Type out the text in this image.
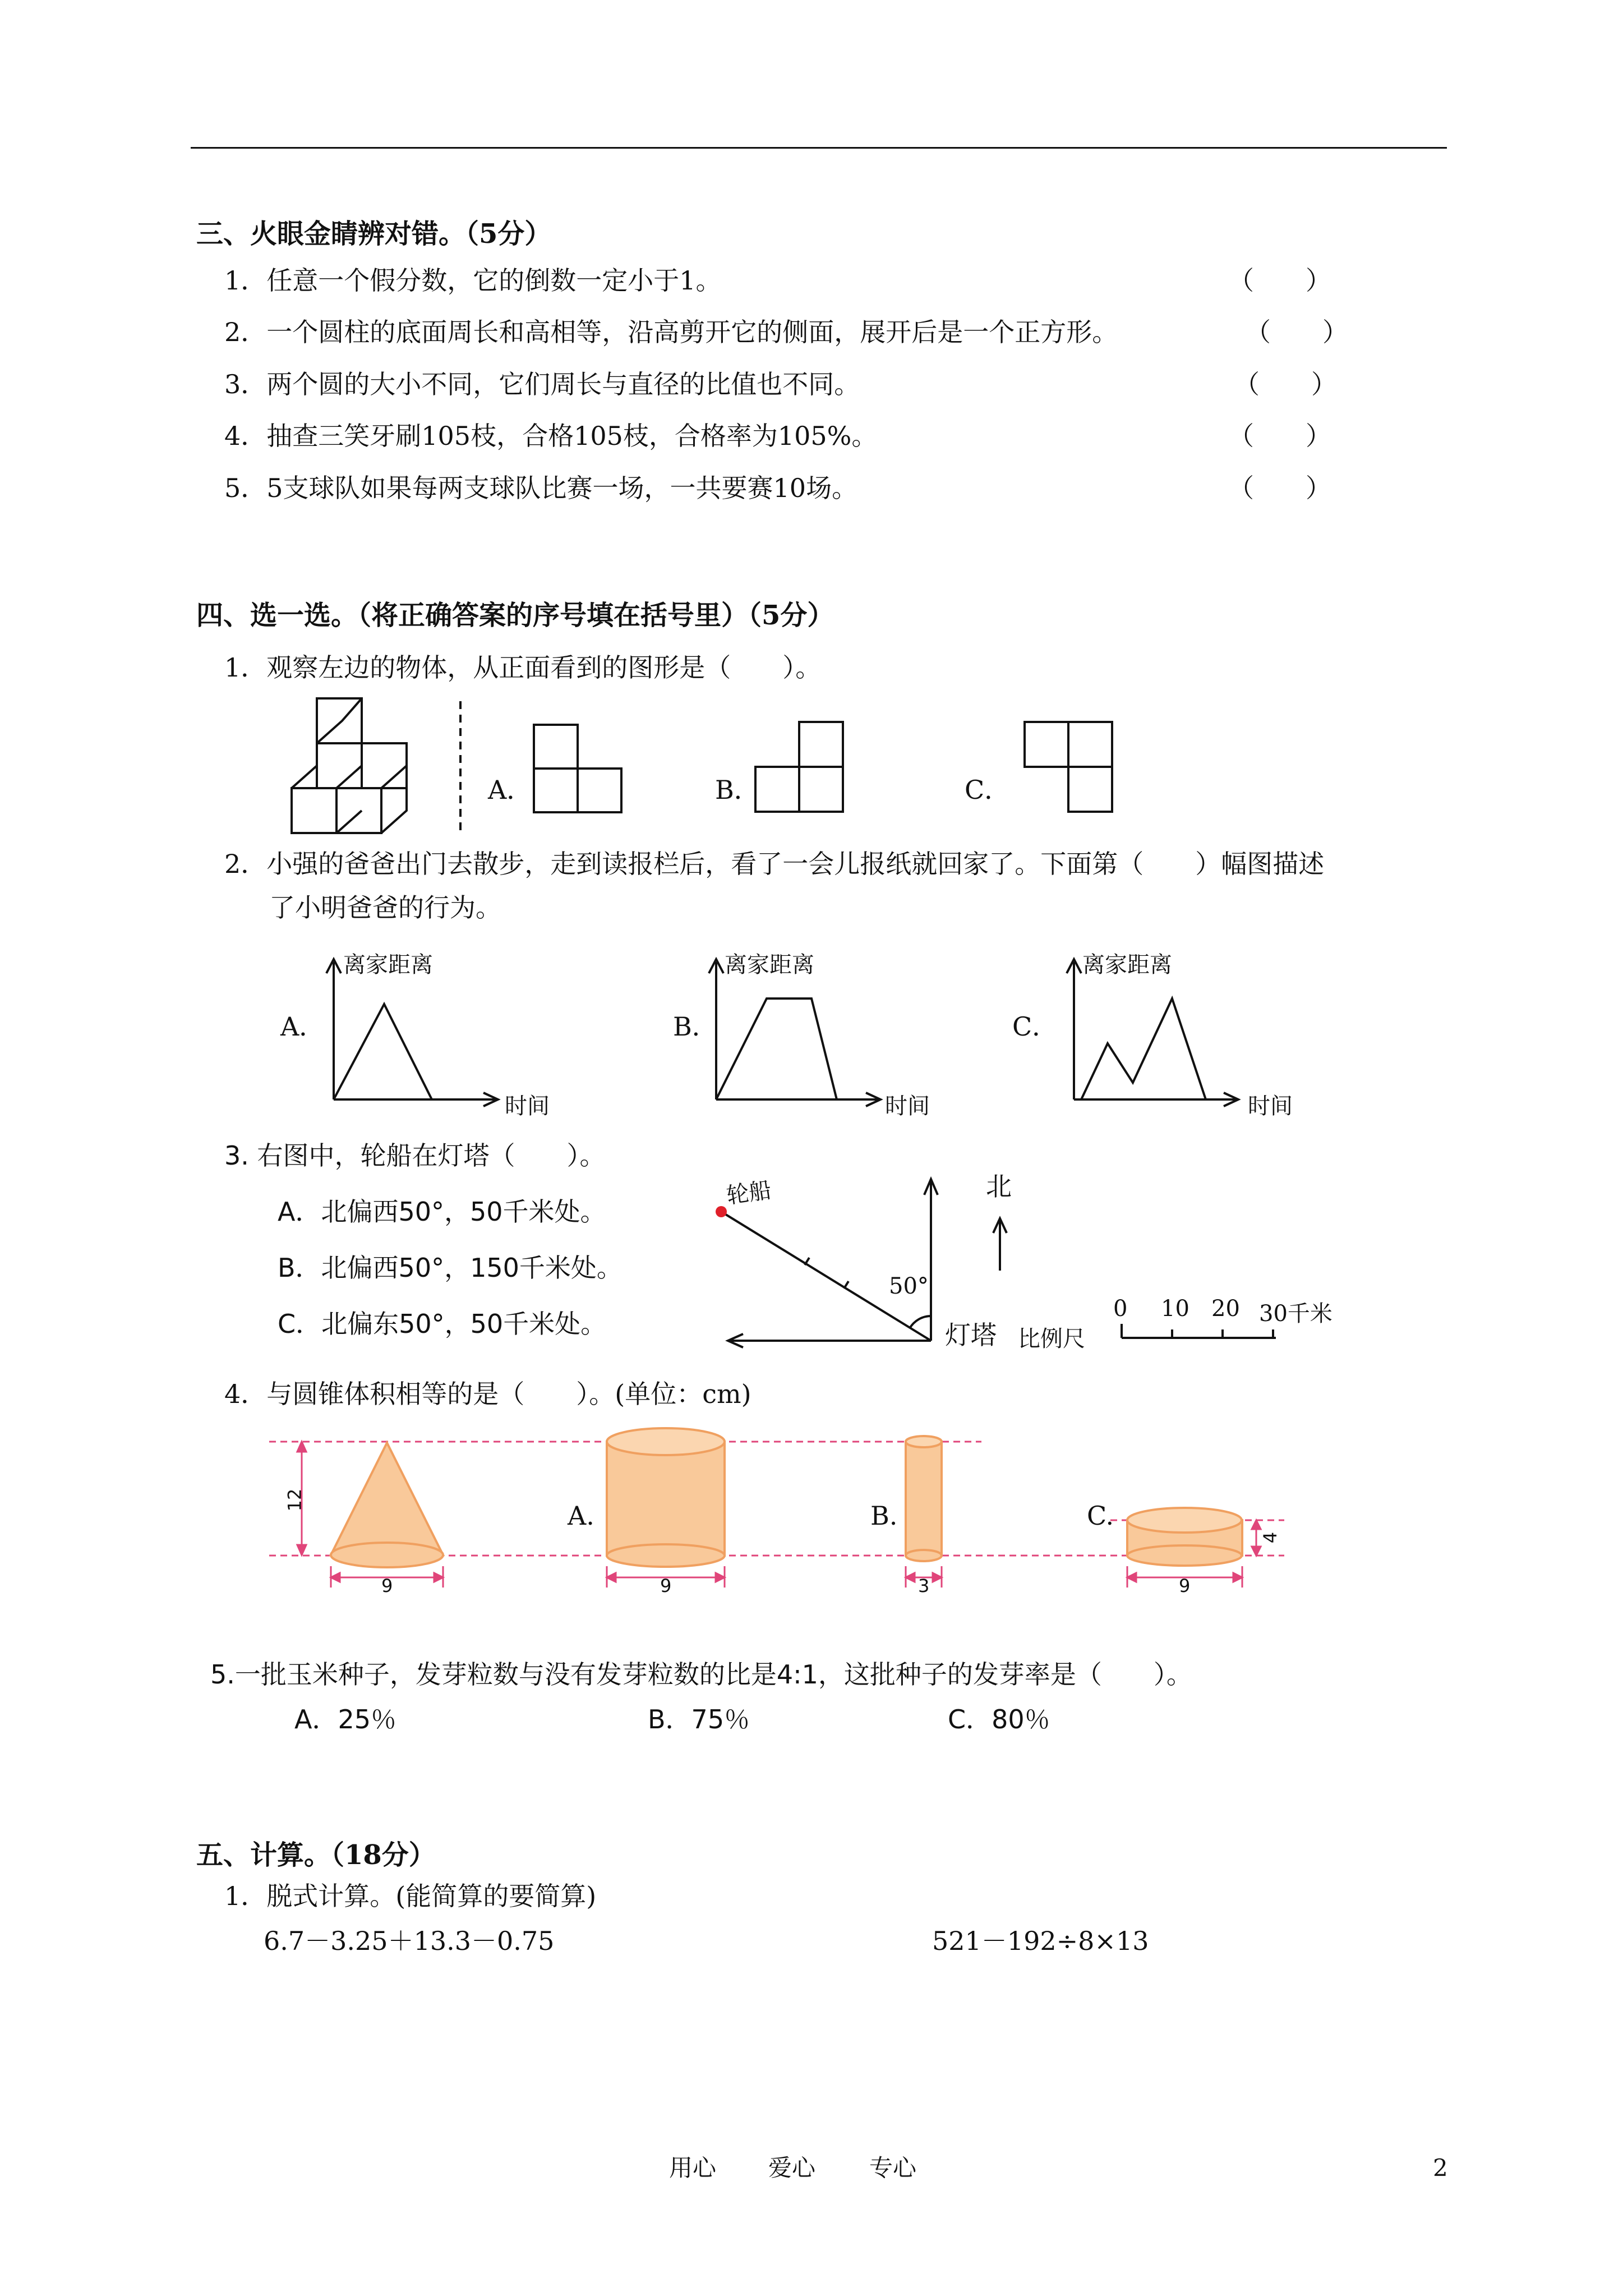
三、火眼金睛辨对错。（5分）
1．任意一个假分数，它的倒数一定小于1。	（　　）
2．一个圆柱的底面周长和高相等，沿高剪开它的侧面，展开后是一个正方形。	（　　）
3．两个圆的大小不同，它们周长与直径的比值也不同。	（　　）
4．抽查三笑牙刷105枝，合格105枝，合格率为105%。	（　　）
5．5支球队如果每两支球队比赛一场，一共要赛10场。	（　　）
四、选一选。（将正确答案的序号填在括号里）（5分）
1．观察左边的物体，从正面看到的图形是（　　）。
A．	B．	C．
2．小强的爸爸出门去散步，走到读报栏后，看了一会儿报纸就回家了。下面第（　　）幅图描述
了小明爸爸的行为。
A．
离家距离
时间
B．
离家距离
时间
C．
离家距离
时间
3. 右图中，轮船在灯塔（　　）。
A．北偏西50°，50千米处。
B．北偏西50°，150千米处。
C．北偏东50°，50千米处。
轮船
50°
灯塔
北
比例尺
0 10 20 30千米
4．与圆锥体积相等的是（　　）。(单位：cm)
12
9
A.
9
B.
3
C.
9
4
5.一批玉米种子，发芽粒数与没有发芽粒数的比是4:1，这批种子的发芽率是（　　）。
A．25％	B．75％	C．80％
五、计算。（18分）
1．脱式计算。(能简算的要简算)
6.7－3.25＋13.3－0.75	521－192÷8×13
用心 爱心 专心	2
